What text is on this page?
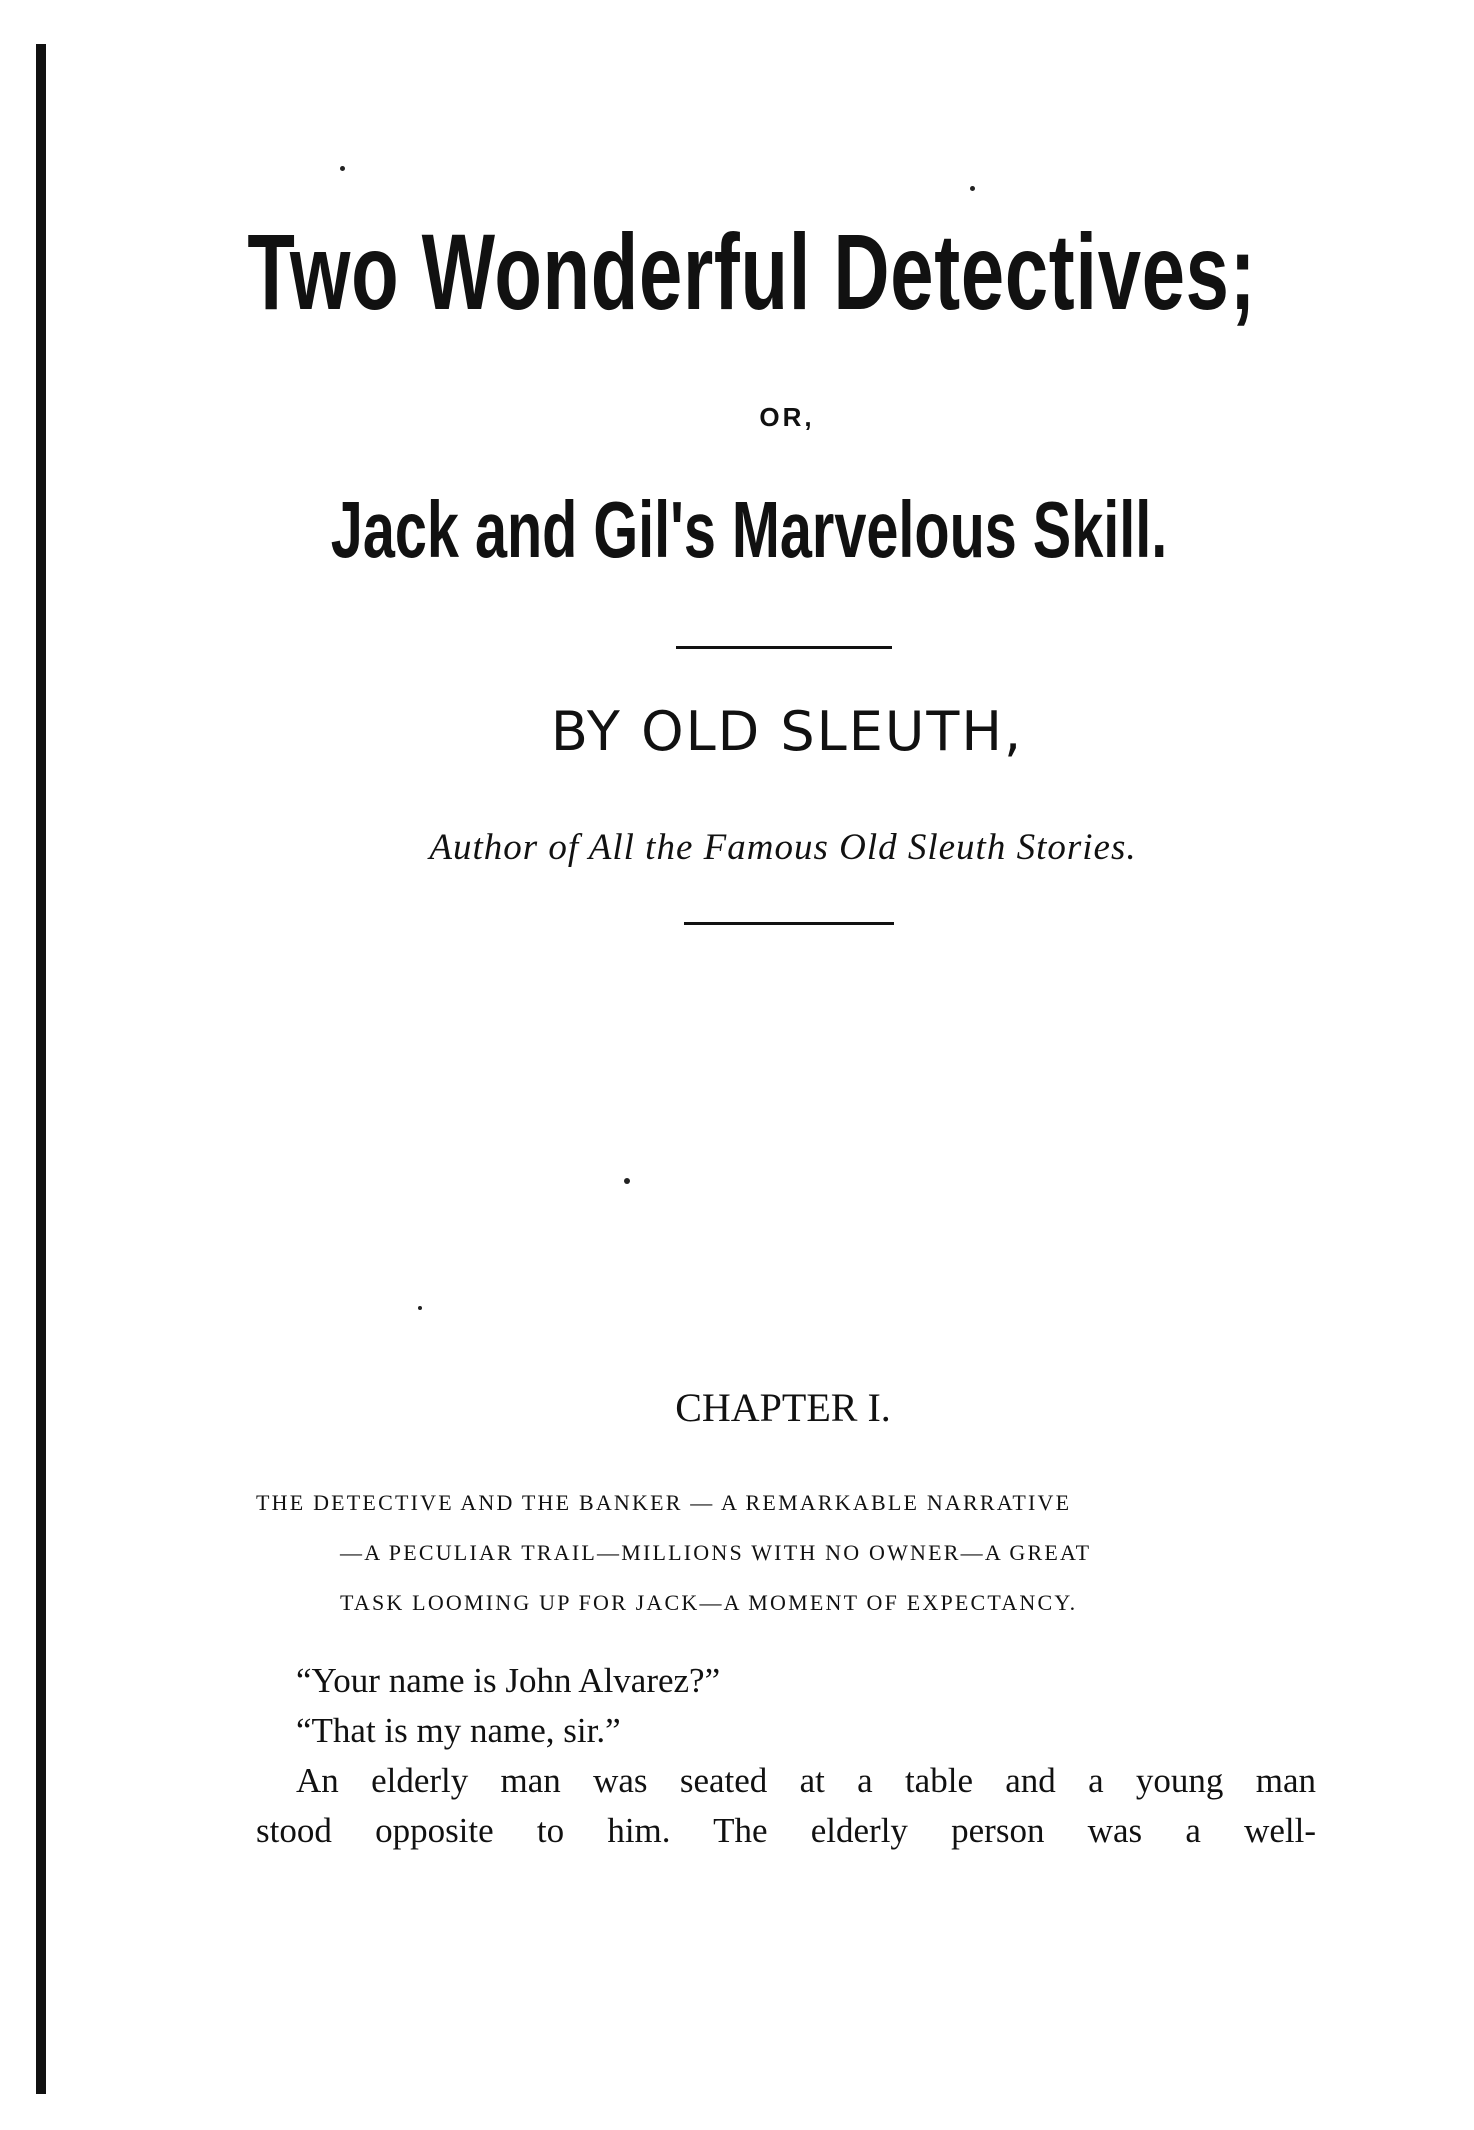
Two Wonderful Detectives;
OR,
Jack and Gil's Marvelous Skill.
BY OLD SLEUTH,
Author of All the Famous Old Sleuth Stories.
CHAPTER I.
THE DETECTIVE AND THE BANKER — A REMARKABLE NARRATIVE
—A PECULIAR TRAIL—MILLIONS WITH NO OWNER—A GREAT
TASK LOOMING UP FOR JACK—A MOMENT OF EXPECTANCY.
“Your name is John Alvarez?”
“That is my name, sir.”
An elderly man was seated at a table and a young man
stood opposite to him. The elderly person was a well-
